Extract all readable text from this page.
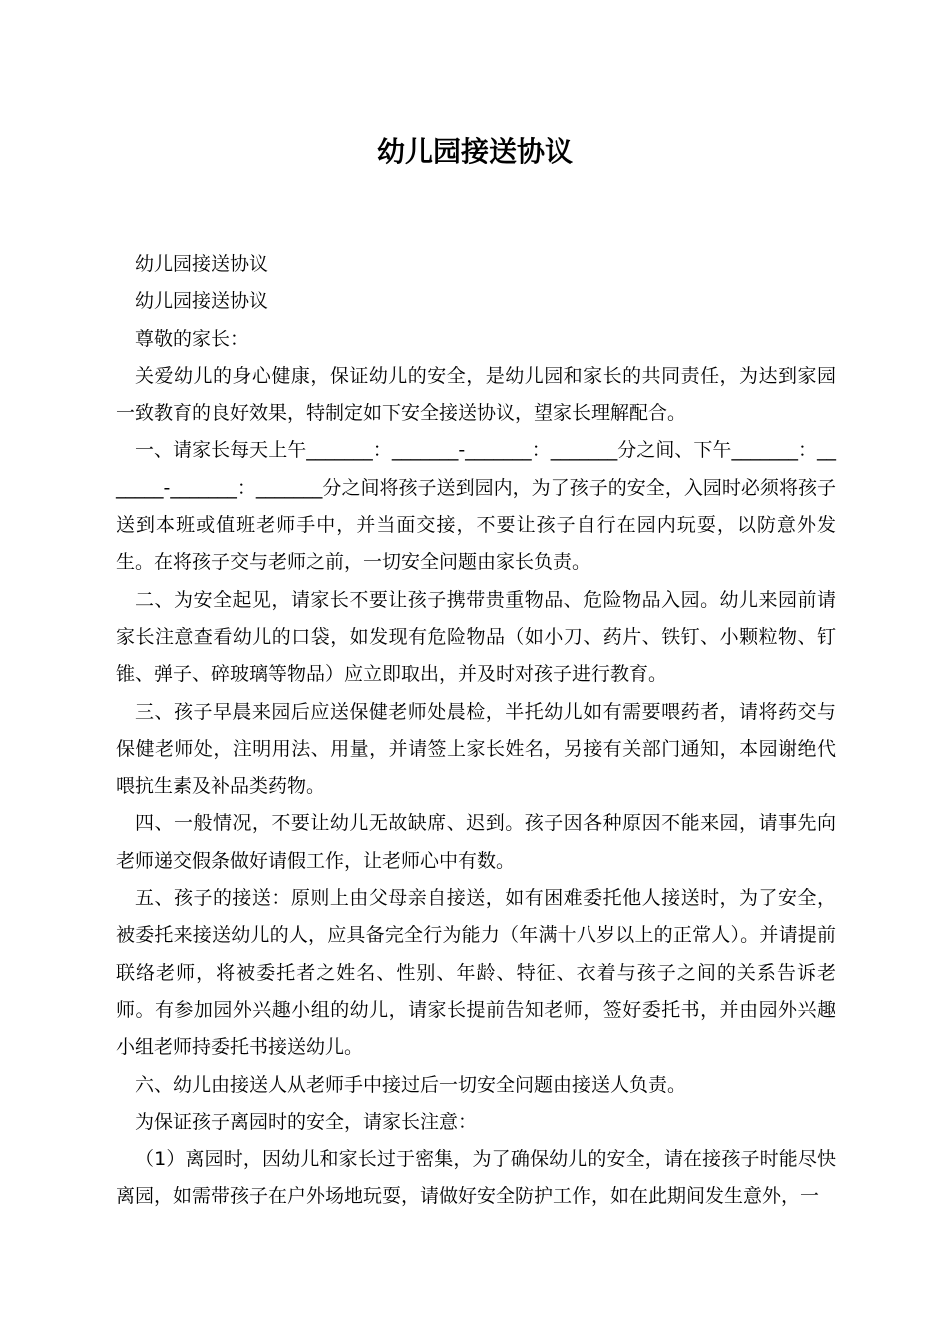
幼儿园接送协议

幼儿园接送协议

幼儿园接送协议

尊敬的家长：

关爱幼儿的身心健康，保证幼儿的安全，是幼儿园和家长的共同责任，为达到家园一致教育的良好效果，特制定如下安全接送协议，望家长理解配合。

一、请家长每天上午_______：_______-_______：_______分之间、下午_______：_______-_______：_______分之间将孩子送到园内，为了孩子的安全，入园时必须将孩子送到本班或值班老师手中，并当面交接，不要让孩子自行在园内玩耍，以防意外发生。在将孩子交与老师之前，一切安全问题由家长负责。

二、为安全起见，请家长不要让孩子携带贵重物品、危险物品入园。幼儿来园前请家长注意查看幼儿的口袋，如发现有危险物品（如小刀、药片、铁钉、小颗粒物、钉锥、弹子、碎玻璃等物品）应立即取出，并及时对孩子进行教育。

三、孩子早晨来园后应送保健老师处晨检，半托幼儿如有需要喂药者，请将药交与保健老师处，注明用法、用量，并请签上家长姓名，另接有关部门通知，本园谢绝代喂抗生素及补品类药物。

四、一般情况，不要让幼儿无故缺席、迟到。孩子因各种原因不能来园，请事先向老师递交假条做好请假工作，让老师心中有数。

五、孩子的接送：原则上由父母亲自接送，如有困难委托他人接送时，为了安全，被委托来接送幼儿的人，应具备完全行为能力（年满十八岁以上的正常人）。并请提前联络老师，将被委托者之姓名、性别、年龄、特征、衣着与孩子之间的关系告诉老师。有参加园外兴趣小组的幼儿，请家长提前告知老师，签好委托书，并由园外兴趣小组老师持委托书接送幼儿。

六、幼儿由接送人从老师手中接过后一切安全问题由接送人负责。

为保证孩子离园时的安全，请家长注意：

（1）离园时，因幼儿和家长过于密集，为了确保幼儿的安全，请在接孩子时能尽快离园，如需带孩子在户外场地玩耍，请做好安全防护工作，如在此期间发生意外，一
